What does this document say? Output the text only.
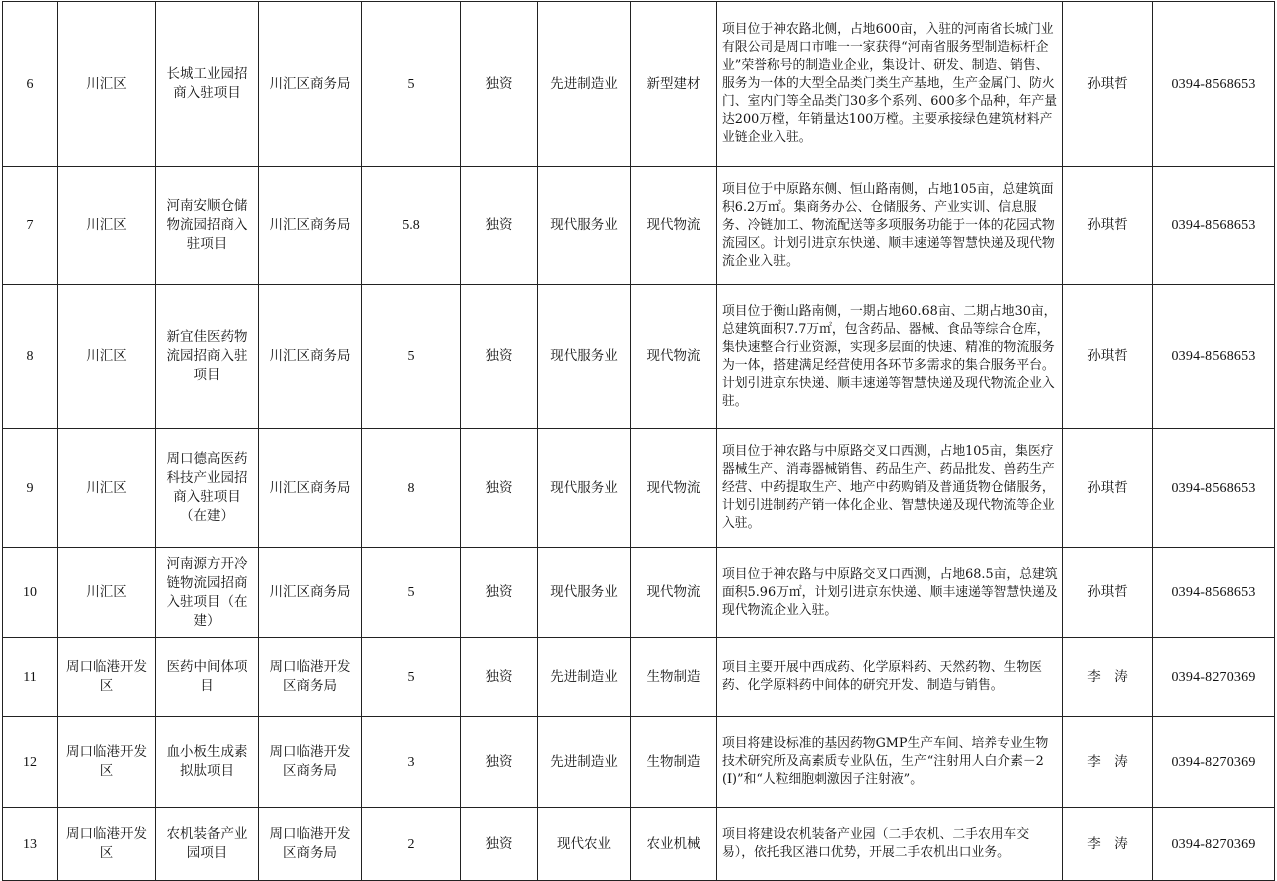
6	川汇区	长城工业园招商入驻项目	川汇区商务局	5	独资	先进制造业	新型建材	项目位于神农路北侧，占地600亩，入驻的河南省长城门业有限公司是周口市唯一一家获得“河南省服务型制造标杆企业”荣誉称号的制造业企业，集设计、研发、制造、销售、服务为一体的大型全品类门类生产基地，生产金属门、防火门、室内门等全品类门30多个系列、600多个品种，年产量达200万樘，年销量达100万樘。主要承接绿色建筑材料产业链企业入驻。	孙琪哲	0394-8568653
7	川汇区	河南安顺仓储物流园招商入驻项目	川汇区商务局	5.8	独资	现代服务业	现代物流	项目位于中原路东侧、恒山路南侧，占地105亩，总建筑面积6.2万㎡。集商务办公、仓储服务、产业实训、信息服务、冷链加工、物流配送等多项服务功能于一体的花园式物流园区。计划引进京东快递、顺丰速递等智慧快递及现代物流企业入驻。	孙琪哲	0394-8568653
8	川汇区	新宜佳医药物流园招商入驻项目	川汇区商务局	5	独资	现代服务业	现代物流	项目位于衡山路南侧，一期占地60.68亩、二期占地30亩，总建筑面积7.7万㎡，包含药品、器械、食品等综合仓库，集快速整合行业资源，实现多层面的快速、精准的物流服务为一体，搭建满足经营使用各环节多需求的集合服务平台。计划引进京东快递、顺丰速递等智慧快递及现代物流企业入驻。	孙琪哲	0394-8568653
9	川汇区	周口德高医药科技产业园招商入驻项目（在建）	川汇区商务局	8	独资	现代服务业	现代物流	项目位于神农路与中原路交叉口西测，占地105亩，集医疗器械生产、消毒器械销售、药品生产、药品批发、兽药生产经营、中药提取生产、地产中药购销及普通货物仓储服务，计划引进制药产销一体化企业、智慧快递及现代物流等企业入驻。	孙琪哲	0394-8568653
10	川汇区	河南源方开冷链物流园招商入驻项目（在建）	川汇区商务局	5	独资	现代服务业	现代物流	项目位于神农路与中原路交叉口西测，占地68.5亩，总建筑面积5.96万㎡，计划引进京东快递、顺丰速递等智慧快递及现代物流企业入驻。	孙琪哲	0394-8568653
11	周口临港开发区	医药中间体项目	周口临港开发区商务局	5	独资	先进制造业	生物制造	项目主要开展中西成药、化学原料药、天然药物、生物医药、化学原料药中间体的研究开发、制造与销售。	李　涛	0394-8270369
12	周口临港开发区	血小板生成素拟肽项目	周口临港开发区商务局	3	独资	先进制造业	生物制造	项目将建设标准的基因药物GMP生产车间、培养专业生物技术研究所及高素质专业队伍，生产“注射用人白介素－2(Ⅰ)”和“人粒细胞刺激因子注射液”。	李　涛	0394-8270369
13	周口临港开发区	农机装备产业园项目	周口临港开发区商务局	2	独资	现代农业	农业机械	项目将建设农机装备产业园（二手农机、二手农用车交易），依托我区港口优势，开展二手农机出口业务。	李　涛	0394-8270369
